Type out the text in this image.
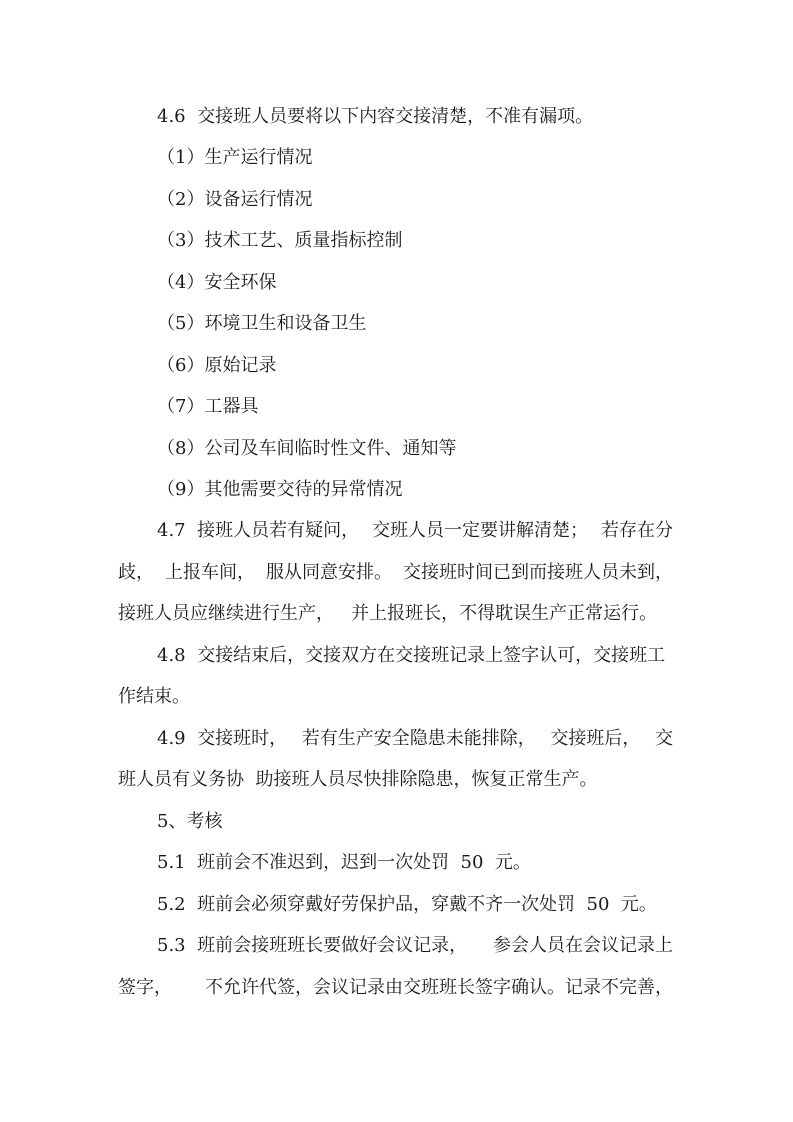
4.6  交接班人员要将以下内容交接清楚，不准有漏项。
（1）生产运行情况
（2）设备运行情况
（3）技术工艺、质量指标控制
（4）安全环保
（5）环境卫生和设备卫生
（6）原始记录
（7）工器具
（8）公司及车间临时性文件、通知等
（9）其他需要交待的异常情况
4.7  接班人员若有疑问， 交班人员一定要讲解清楚； 若存在分
歧， 上报车间， 服从同意安排。 交接班时间已到而接班人员未到，
接班人员应继续进行生产，   并上报班长，不得耽误生产正常运行。
4.8  交接结束后，交接双方在交接班记录上签字认可，交接班工
作结束。
4.9  交接班时， 若有生产安全隐患未能排除， 交接班后， 交
班人员有义务协  助接班人员尽快排除隐患，恢复正常生产。
5、考核
5.1  班前会不准迟到，迟到一次处罚  50  元。
5.2  班前会必须穿戴好劳保护品，穿戴不齐一次处罚  50  元。
5.3  班前会接班班长要做好会议记录， 参会人员在会议记录上
签字， 不允许代签，会议记录由交班班长签字确认。记录不完善，
